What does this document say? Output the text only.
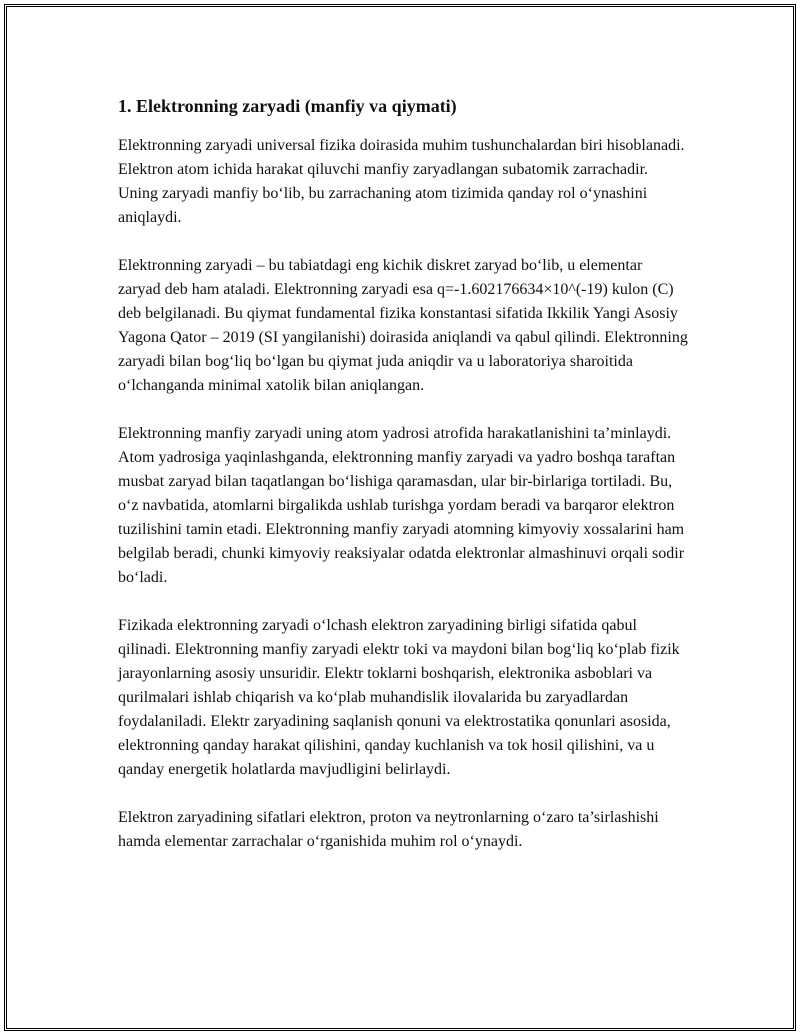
1. Elektronning zaryadi (manfiy va qiymati)

Elektronning zaryadi universal fizika doirasida muhim tushunchalardan biri hisoblanadi. Elektron atom ichida harakat qiluvchi manfiy zaryadlangan subatomik zarrachadir. Uning zaryadi manfiy bo‘lib, bu zarrachaning atom tizimida qanday rol o‘ynashini aniqlaydi.

Elektronning zaryadi – bu tabiatdagi eng kichik diskret zaryad bo‘lib, u elementar zaryad deb ham ataladi. Elektronning zaryadi esa q=-1.602176634×10^(-19) kulon (C) deb belgilanadi. Bu qiymat fundamental fizika konstantasi sifatida Ikkilik Yangi Asosiy Yagona Qator – 2019 (SI yangilanishi) doirasida aniqlandi va qabul qilindi. Elektronning zaryadi bilan bog‘liq bo‘lgan bu qiymat juda aniqdir va u laboratoriya sharoitida o‘lchanganda minimal xatolik bilan aniqlangan.

Elektronning manfiy zaryadi uning atom yadrosi atrofida harakatlanishini ta’minlaydi. Atom yadrosiga yaqinlashganda, elektronning manfiy zaryadi va yadro boshqa taraftan musbat zaryad bilan taqatlangan bo‘lishiga qaramasdan, ular bir-birlariga tortiladi. Bu, o‘z navbatida, atomlarni birgalikda ushlab turishga yordam beradi va barqaror elektron tuzilishini tamin etadi. Elektronning manfiy zaryadi atomning kimyoviy xossalarini ham belgilab beradi, chunki kimyoviy reaksiyalar odatda elektronlar almashinuvi orqali sodir bo‘ladi.

Fizikada elektronning zaryadi o‘lchash elektron zaryadining birligi sifatida qabul qilinadi. Elektronning manfiy zaryadi elektr toki va maydoni bilan bog‘liq ko‘plab fizik jarayonlarning asosiy unsuridir. Elektr toklarni boshqarish, elektronika asboblari va qurilmalari ishlab chiqarish va ko‘plab muhandislik ilovalarida bu zaryadlardan foydalaniladi. Elektr zaryadining saqlanish qonuni va elektrostatika qonunlari asosida, elektronning qanday harakat qilishini, qanday kuchlanish va tok hosil qilishini, va u qanday energetik holatlarda mavjudligini belirlaydi.

Elektron zaryadining sifatlari elektron, proton va neytronlarning o‘zaro ta’sirlashishi hamda elementar zarrachalar o‘rganishida muhim rol o‘ynaydi.
